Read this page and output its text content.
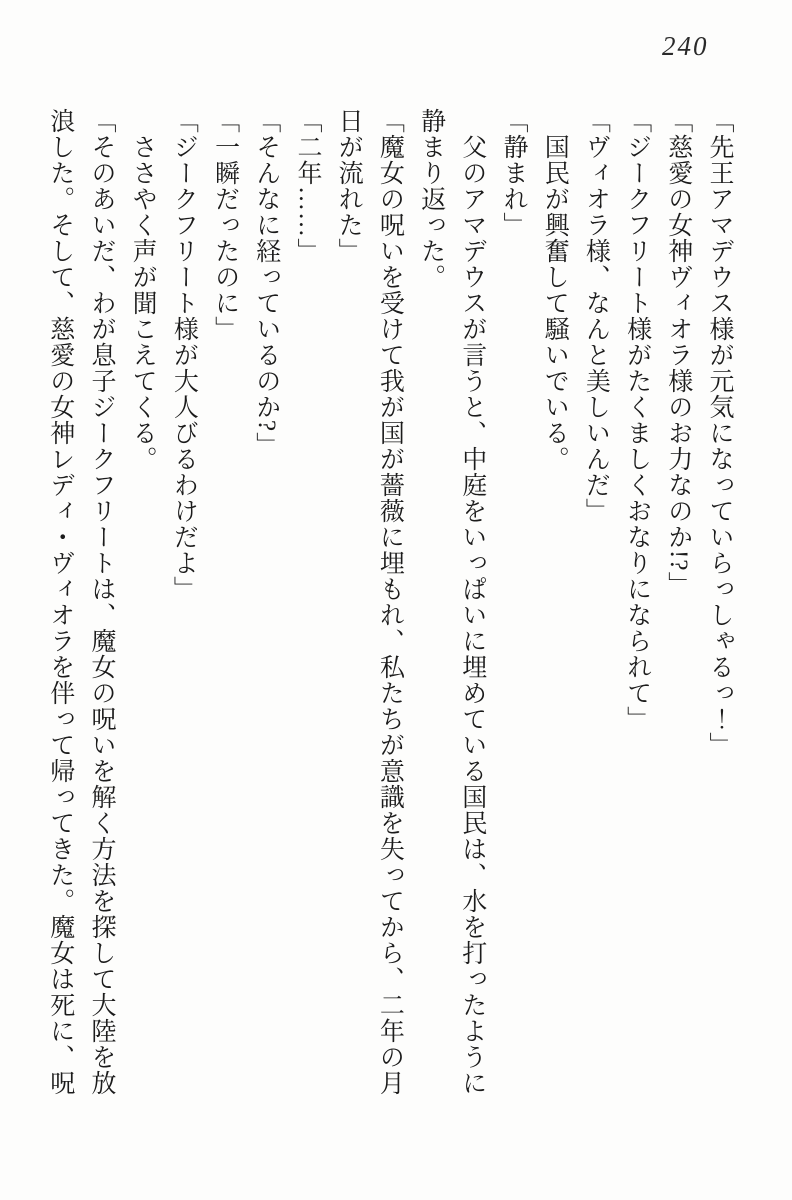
240

「先王アマデウス様が元気になっていらっしゃるっ！」

「慈愛の女神ヴィオラ様のお力なのか!?」

「ジークフリート様がたくましくおなりになられて」

「ヴィオラ様、なんと美しいんだ」

　国民が興奮して騒いでいる。

「静まれ」

　父のアマデウスが言うと、中庭をいっぱいに埋めている国民は、水を打ったように静まり返った。

「魔女の呪いを受けて我が国が薔薇に埋もれ、私たちが意識を失ってから、二年の月日が流れた」

「二年……」

「そんなに経っているのか?」

「一瞬だったのに」

「ジークフリート様が大人びるわけだよ」

　ささやく声が聞こえてくる。

「そのあいだ、わが息子ジークフリートは、魔女の呪いを解く方法を探して大陸を放浪した。そして、慈愛の女神レディ・ヴィオラを伴って帰ってきた。魔女は死に、呪
